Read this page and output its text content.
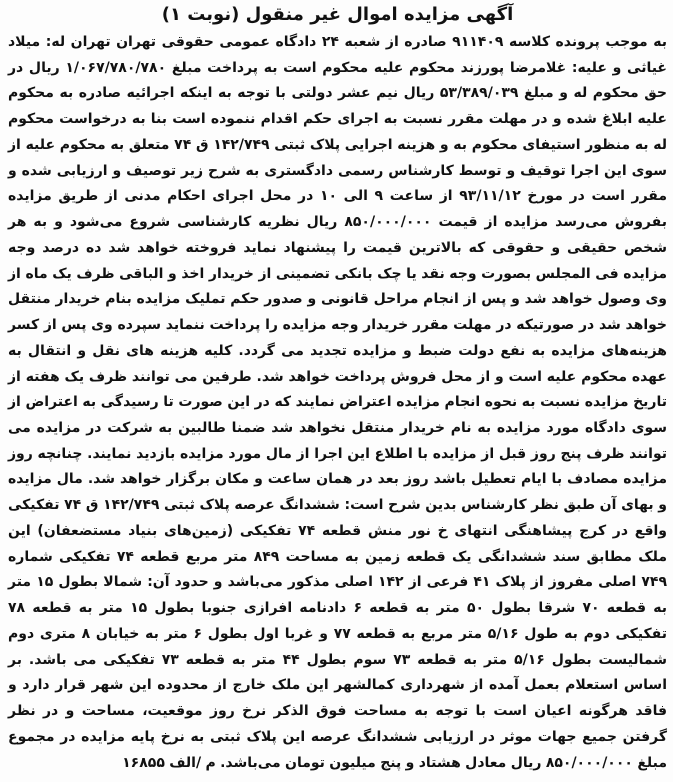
آگهی مزایده اموال غیر منقول (نوبت ۱)
به موجب پرونده کلاسه ۹۱۱۴۰۹ صادره از شعبه ۲۴ دادگاه عمومی حقوقی تهران تهران له: میلاد غیاثی و علیه: غلامرضا پورزند محکوم علیه محکوم است به پرداخت مبلغ ۱/۰۶۷/۷۸۰/۷۸۰ ریال در حق محکوم له و مبلغ ۵۳/۳۸۹/۰۳۹ ریال نیم عشر دولتی با توجه به اینکه اجرائیه صادره به محکوم علیه ابلاغ شده و در مهلت مقرر نسبت به اجرای حکم اقدام ننموده است بنا به درخواست محکوم له به منظور استیفای محکوم به و هزینه اجرایی پلاک ثبتی ۱۴۲/۷۴۹ ق ۷۴ متعلق به محکوم علیه از سوی این اجرا توقیف و توسط کارشناس رسمی دادگستری به شرح زیر توصیف و ارزیابی شده و مقرر است در مورخ ۹۳/۱۱/۱۲ از ساعت ۹ الی ۱۰ در محل اجرای احکام مدنی از طریق مزایده بفروش می‌رسد مزایده از قیمت ۸۵۰/۰۰۰/۰۰۰ ریال نظریه کارشناسی شروع می‌شود و به هر شخص حقیقی و حقوقی که بالاترین قیمت را پیشنهاد نماید فروخته خواهد شد ده درصد وجه مزایده فی المجلس بصورت وجه نقد یا چک بانکی تضمینی از خریدار اخذ و الباقی ظرف یک ماه از وی وصول خواهد شد و پس از انجام مراحل قانونی و صدور حکم تملیک مزایده بنام خریدار منتقل خواهد شد در صورتیکه در مهلت مقرر خریدار وجه مزایده را پرداخت ننماید سپرده وی پس از کسر هزینه‌های مزایده به نفع دولت ضبط و مزایده تجدید می گردد. کلیه هزینه های نقل و انتقال به عهده محکوم علیه است و از محل فروش پرداخت خواهد شد. طرفین می توانند ظرف یک هفته از تاریخ مزایده نسبت به نحوه انجام مزایده اعتراض نمایند که در این صورت تا رسیدگی به اعتراض از سوی دادگاه مورد مزایده به نام خریدار منتقل نخواهد شد ضمنا طالبین به شرکت در مزایده می توانند ظرف پنج روز قبل از مزایده با اطلاع این اجرا از مال مورد مزایده بازدید نمایند. چنانچه روز مزایده مصادف با ایام تعطیل باشد روز بعد در همان ساعت و مکان برگزار خواهد شد. مال مزایده و بهای آن طبق نظر کارشناس بدین شرح است: ششدانگ عرصه پلاک ثبتی ۱۴۲/۷۴۹ ق ۷۴ تفکیکی واقع در کرج پیشاهنگی انتهای خ نور منش قطعه ۷۴ تفکیکی (زمین‌های بنیاد مستضعفان) این ملک مطابق سند ششدانگی یک قطعه زمین به مساحت ۸۴۹ متر مربع قطعه ۷۴ تفکیکی شماره ۷۴۹ اصلی مفروز از پلاک ۴۱ فرعی از ۱۴۲ اصلی مذکور می‌باشد و حدود آن: شمالا بطول ۱۵ متر به قطعه ۷۰ شرقا بطول ۵۰ متر به قطعه ۶ دادنامه افرازی جنوبا بطول ۱۵ متر به قطعه ۷۸ تفکیکی دوم به طول ۵/۱۶ متر مربع به قطعه ۷۷ و غربا اول بطول ۶ متر به خیابان ۸ متری دوم شمالیست بطول ۵/۱۶ متر به قطعه ۷۳ سوم بطول ۴۴ متر به قطعه ۷۳ تفکیکی می باشد. بر اساس استعلام بعمل آمده از شهرداری کمالشهر این ملک خارج از محدوده این شهر قرار دارد و فاقد هرگونه اعیان است با توجه به مساحت فوق الذکر نرخ روز موقعیت، مساحت و در نظر گرفتن جمیع جهات موثر در ارزیابی ششدانگ عرصه این پلاک ثبتی به نرخ پایه مزایده در مجموع مبلغ ۸۵۰/۰۰۰/۰۰۰ ریال معادل هشتاد و پنج میلیون تومان می‌باشد. م /الف ۱۶۸۵۵
